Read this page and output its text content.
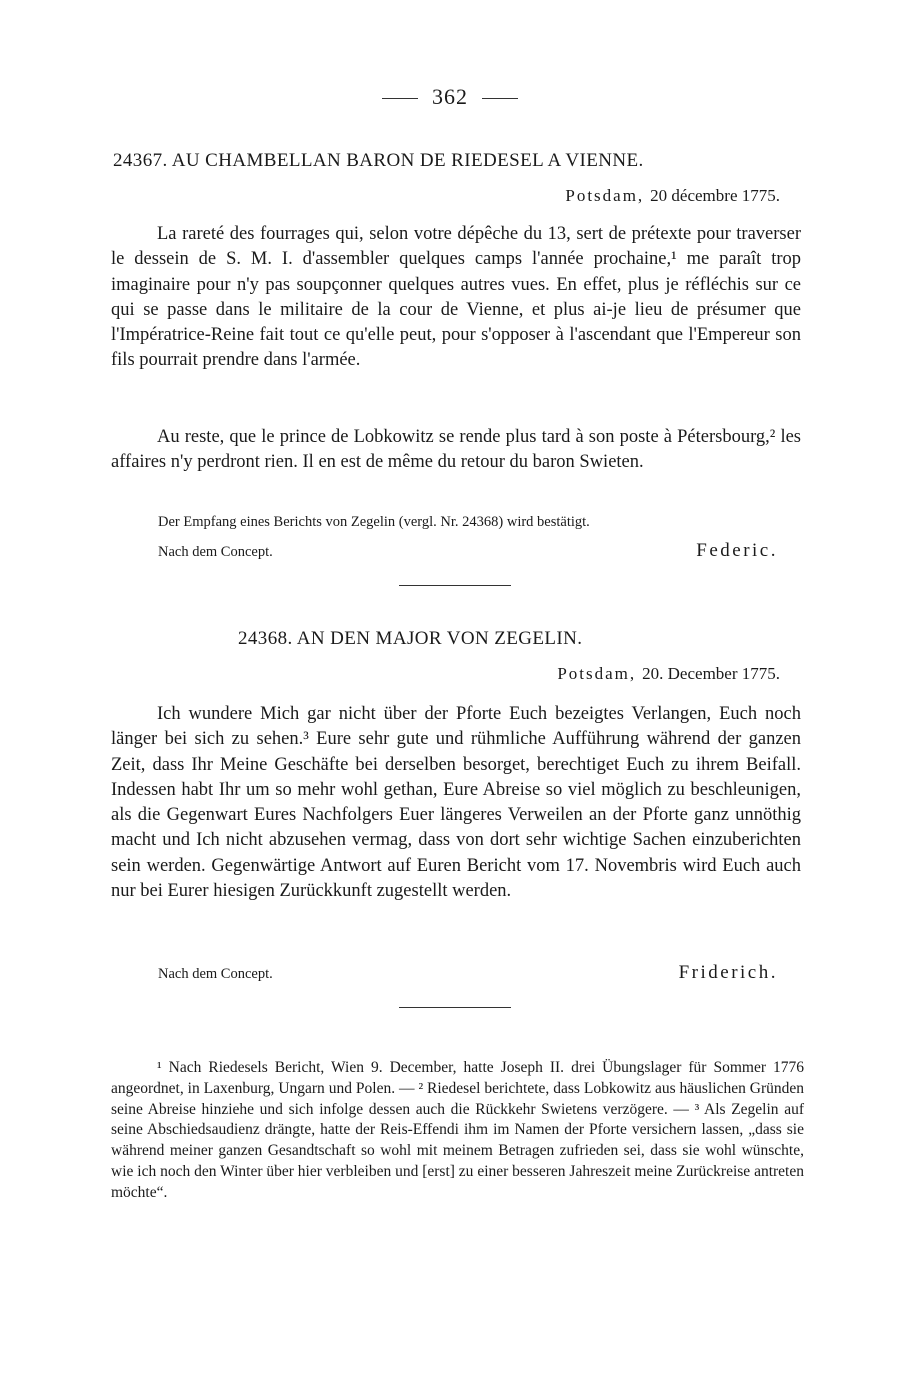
362
24367. AU CHAMBELLAN BARON DE RIEDESEL A VIENNE.
Potsdam, 20 décembre 1775.

La rareté des fourrages qui, selon votre dépêche du 13, sert de prétexte pour traverser le dessein de S. M. I. d'assembler quelques camps l'année prochaine,¹ me paraît trop imaginaire pour n'y pas soupçonner quelques autres vues. En effet, plus je réfléchis sur ce qui se passe dans le militaire de la cour de Vienne, et plus ai-je lieu de présumer que l'Impératrice-Reine fait tout ce qu'elle peut, pour s'opposer à l'ascendant que l'Empereur son fils pourrait prendre dans l'armée.

Au reste, que le prince de Lobkowitz se rende plus tard à son poste à Pétersbourg,² les affaires n'y perdront rien. Il en est de même du retour du baron Swieten.

Der Empfang eines Berichts von Zegelin (vergl. Nr. 24368) wird bestätigt.
Nach dem Concept.	Federic.
24368. AN DEN MAJOR VON ZEGELIN.
Potsdam, 20. December 1775.

Ich wundere Mich gar nicht über der Pforte Euch bezeigtes Verlangen, Euch noch länger bei sich zu sehen.³ Eure sehr gute und rühmliche Aufführung während der ganzen Zeit, dass Ihr Meine Geschäfte bei derselben besorget, berechtiget Euch zu ihrem Beifall. Indessen habt Ihr um so mehr wohl gethan, Eure Abreise so viel möglich zu beschleunigen, als die Gegenwart Eures Nachfolgers Euer längeres Verweilen an der Pforte ganz unnöthig macht und Ich nicht abzusehen vermag, dass von dort sehr wichtige Sachen einzuberichten sein werden. Gegenwärtige Antwort auf Euren Bericht vom 17. Novembris wird Euch auch nur bei Eurer hiesigen Zurückkunft zugestellt werden.

Nach dem Concept.	Friderich.

¹ Nach Riedesels Bericht, Wien 9. December, hatte Joseph II. drei Übungslager für Sommer 1776 angeordnet, in Laxenburg, Ungarn und Polen. — ² Riedesel berichtete, dass Lobkowitz aus häuslichen Gründen seine Abreise hinziehe und sich infolge dessen auch die Rückkehr Swietens verzögere. — ³ Als Zegelin auf seine Abschiedsaudienz drängte, hatte der Reis-Effendi ihm im Namen der Pforte versichern lassen, „dass sie während meiner ganzen Gesandtschaft so wohl mit meinem Betragen zufrieden sei, dass sie wohl wünschte, wie ich noch den Winter über hier verbleiben und [erst] zu einer besseren Jahreszeit meine Zurückreise antreten möchte“.
